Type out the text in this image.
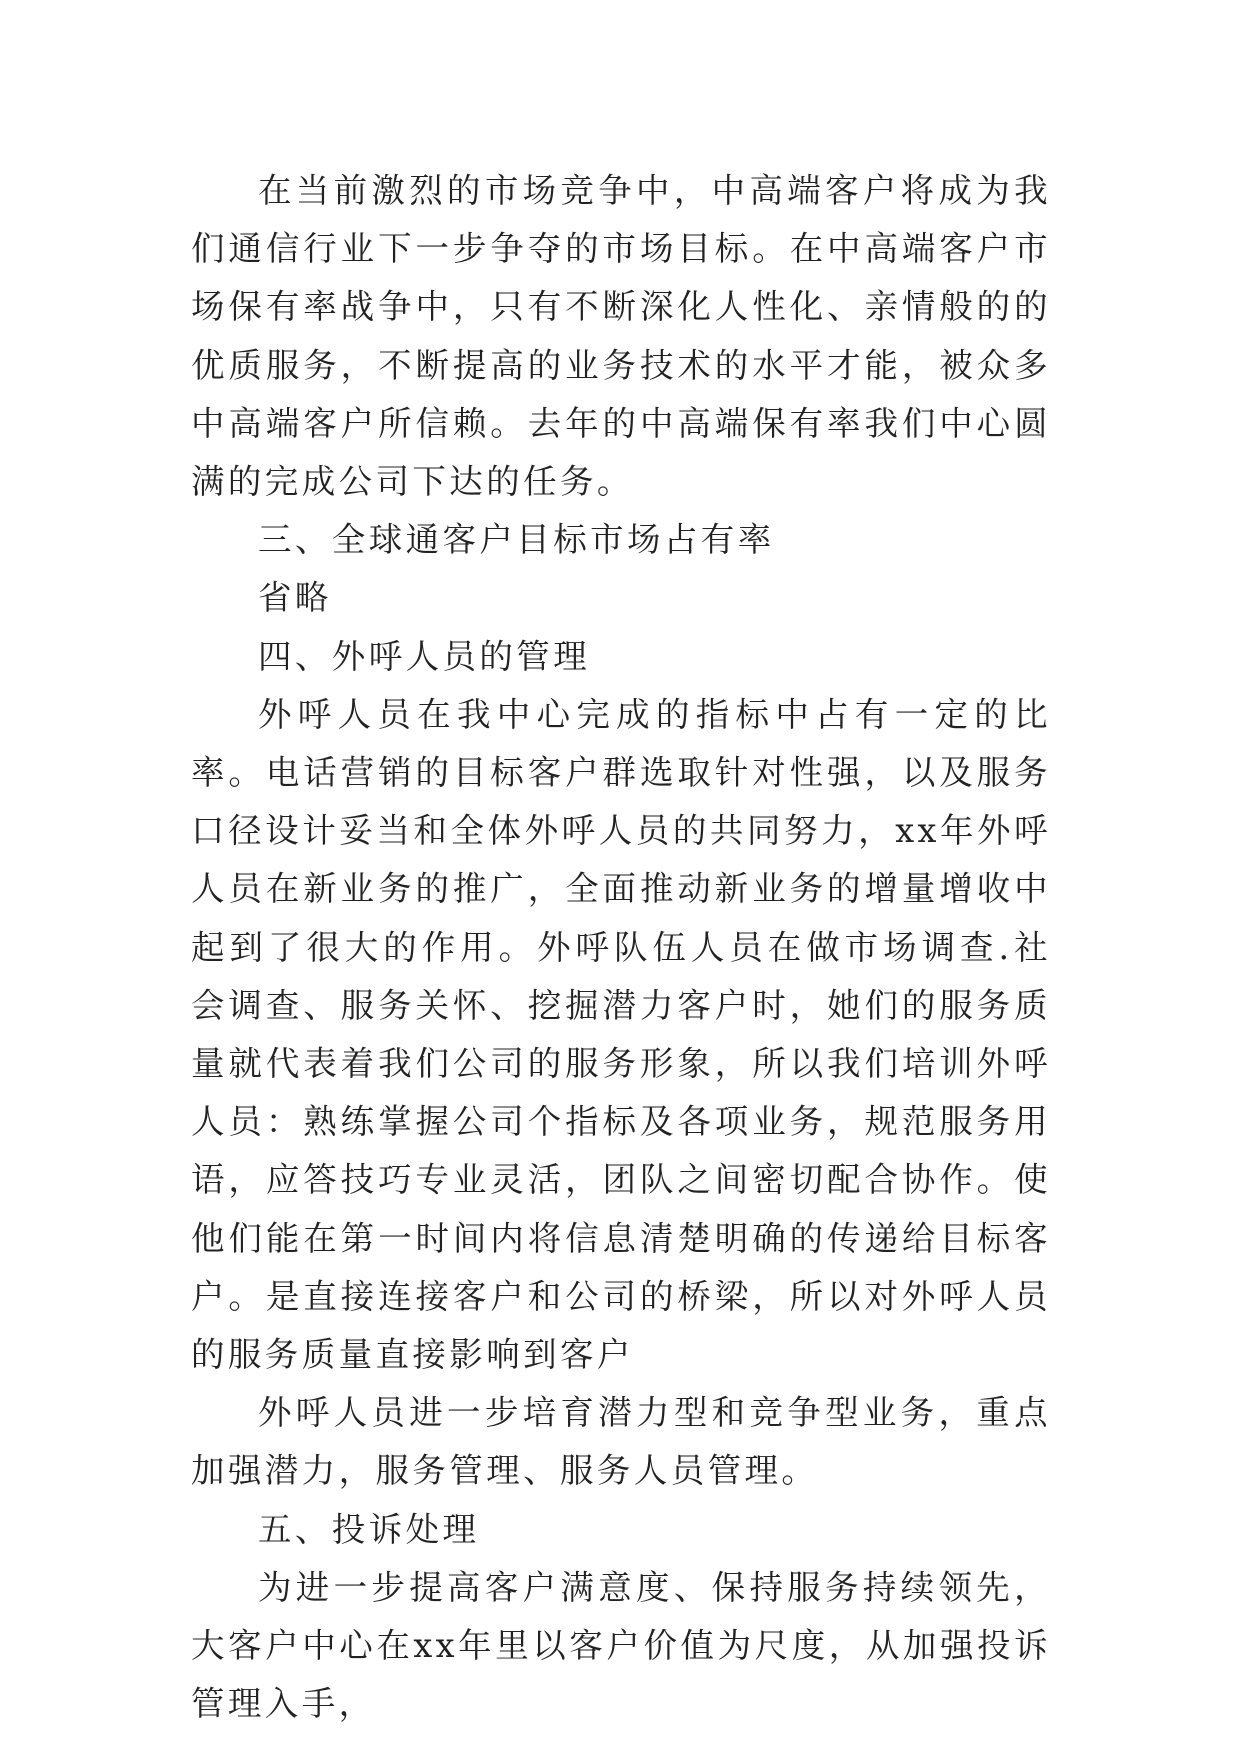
在当前激烈的市场竞争中，中高端客户将成为我们通信行业下一步争夺的市场目标。在中高端客户市场保有率战争中，只有不断深化人性化、亲情般的的优质服务，不断提高的业务技术的水平才能，被众多中高端客户所信赖。去年的中高端保有率我们中心圆满的完成公司下达的任务。

三、全球通客户目标市场占有率

省略

四、外呼人员的管理

外呼人员在我中心完成的指标中占有一定的比率。电话营销的目标客户群选取针对性强，以及服务口径设计妥当和全体外呼人员的共同努力，xx年外呼人员在新业务的推广，全面推动新业务的增量增收中起到了很大的作用。外呼队伍人员在做市场调查.社会调查、服务关怀、挖掘潜力客户时，她们的服务质量就代表着我们公司的服务形象，所以我们培训外呼人员：熟练掌握公司个指标及各项业务，规范服务用语，应答技巧专业灵活，团队之间密切配合协作。使他们能在第一时间内将信息清楚明确的传递给目标客户。是直接连接客户和公司的桥梁，所以对外呼人员的服务质量直接影响到客户

外呼人员进一步培育潜力型和竞争型业务，重点加强潜力，服务管理、服务人员管理。

五、投诉处理

为进一步提高客户满意度、保持服务持续领先，大客户中心在xx年里以客户价值为尺度，从加强投诉管理入手，
